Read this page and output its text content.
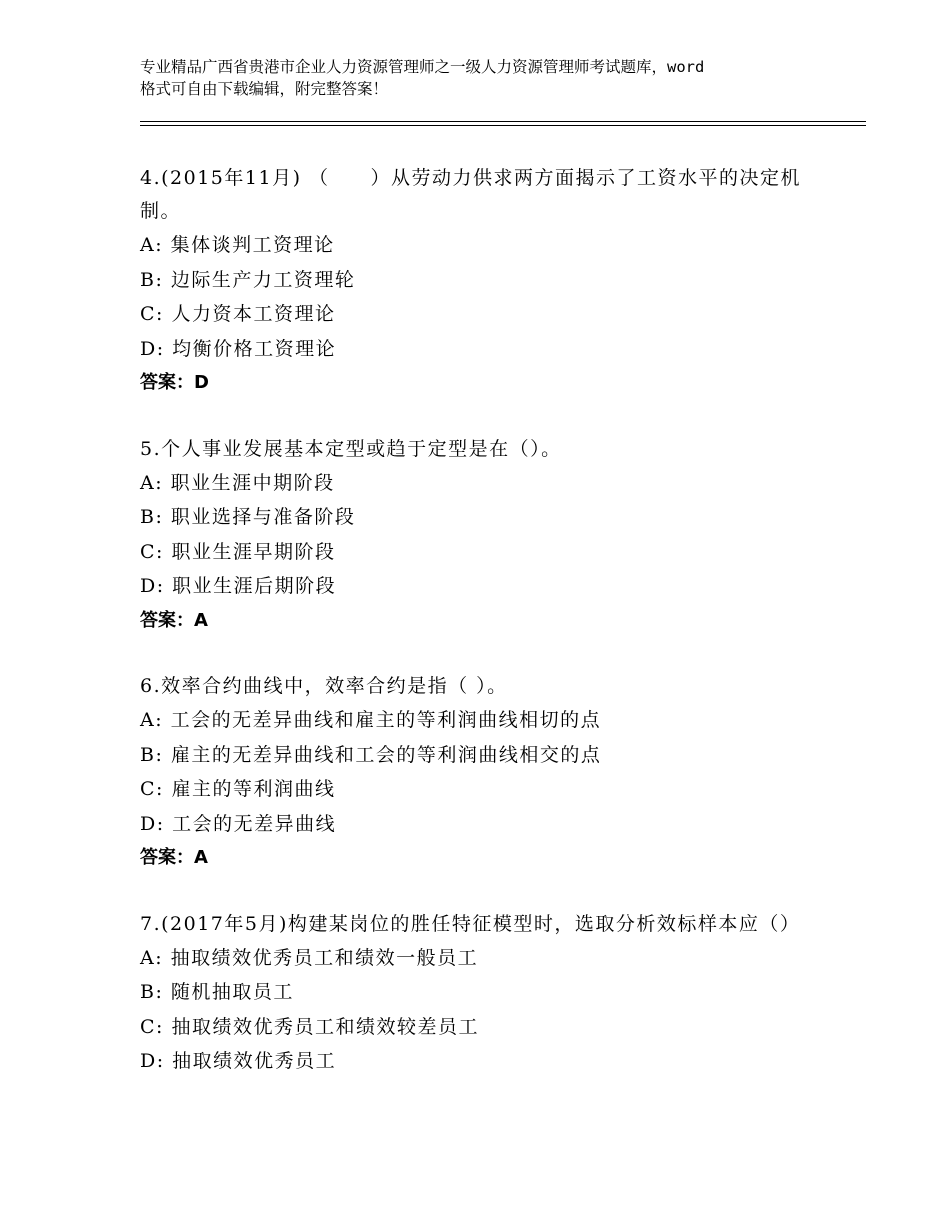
专业精品广西省贵港市企业人力资源管理师之一级人力资源管理师考试题库，word
格式可自由下载编辑，附完整答案！

4.(2015年11月) （　　）从劳动力供求两方面揭示了工资水平的决定机制。

A: 集体谈判工资理论

B: 边际生产力工资理轮

C: 人力资本工资理论

D: 均衡价格工资理论

答案：D

5.个人事业发展基本定型或趋于定型是在（）。

A: 职业生涯中期阶段

B: 职业选择与准备阶段

C: 职业生涯早期阶段

D: 职业生涯后期阶段

答案：A

6.效率合约曲线中，效率合约是指（ ）。

A: 工会的无差异曲线和雇主的等利润曲线相切的点

B: 雇主的无差异曲线和工会的等利润曲线相交的点

C: 雇主的等利润曲线

D: 工会的无差异曲线

答案：A

7.(2017年5月)构建某岗位的胜任特征模型时，选取分析效标样本应（）

A: 抽取绩效优秀员工和绩效一般员工

B: 随机抽取员工

C: 抽取绩效优秀员工和绩效较差员工

D: 抽取绩效优秀员工
